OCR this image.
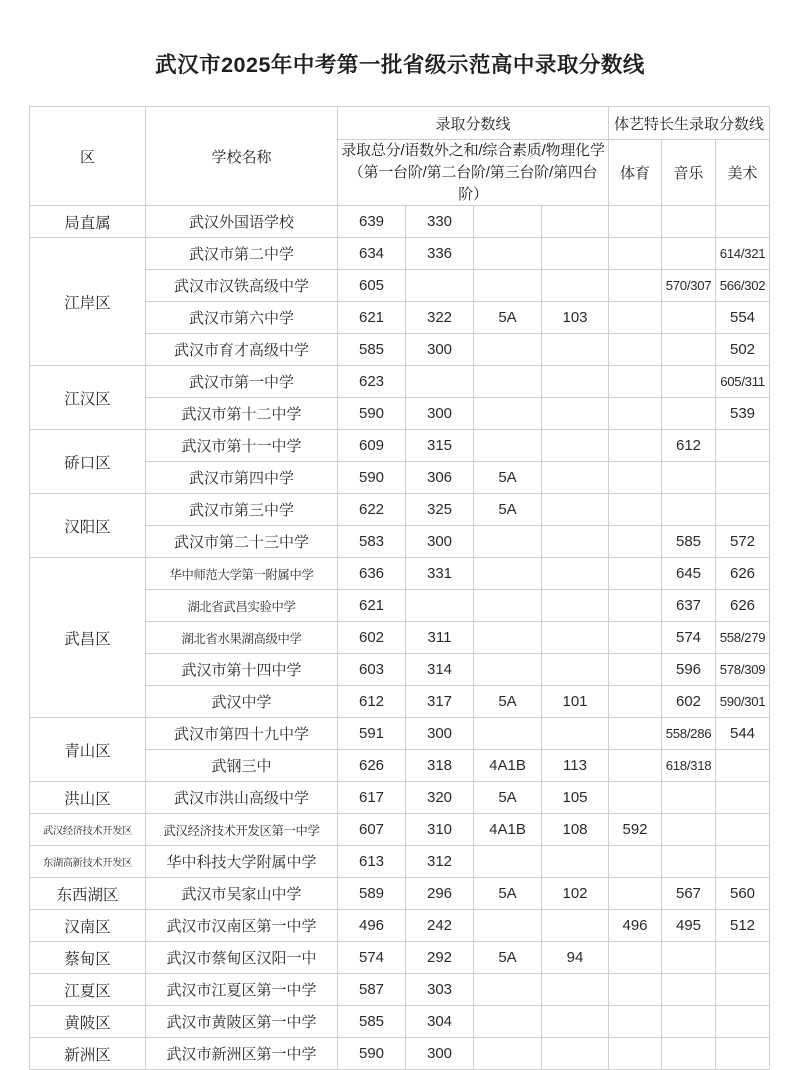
武汉市2025年中考第一批省级示范高中录取分数线
区	学校名称	录取分数线				体艺特长生录取分数线		

		录取总分/语数外之和/综合素质/物理化学
（第一台阶/第二台阶/第三台阶/第四台阶）				体育	音乐	美术
局直属	武汉外国语学校	639	330					
江岸区	武汉市第二中学	634	336					614/321
	武汉市汉铁高级中学	605					570/307	566/302
	武汉市第六中学	621	322	5A	103			554
	武汉市育才高级中学	585	300					502
江汉区	武汉市第一中学	623						605/311
	武汉市第十二中学	590	300					539
硚口区	武汉市第十一中学	609	315				612	
	武汉市第四中学	590	306	5A				
汉阳区	武汉市第三中学	622	325	5A				
	武汉市第二十三中学	583	300				585	572
武昌区	华中师范大学第一附属中学	636	331				645	626
	湖北省武昌实验中学	621					637	626
	湖北省水果湖高级中学	602	311				574	558/279
	武汉市第十四中学	603	314				596	578/309
	武汉中学	612	317	5A	101		602	590/301
青山区	武汉市第四十九中学	591	300				558/286	544
	武钢三中	626	318	4A1B	113		618/318	
洪山区	武汉市洪山高级中学	617	320	5A	105			
武汉经济技术开发区	武汉经济技术开发区第一中学	607	310	4A1B	108	592		
东湖高新技术开发区	华中科技大学附属中学	613	312					
东西湖区	武汉市吴家山中学	589	296	5A	102		567	560
汉南区	武汉市汉南区第一中学	496	242			496	495	512
蔡甸区	武汉市蔡甸区汉阳一中	574	292	5A	94			
江夏区	武汉市江夏区第一中学	587	303					
黄陂区	武汉市黄陂区第一中学	585	304					
新洲区	武汉市新洲区第一中学	590	300					
